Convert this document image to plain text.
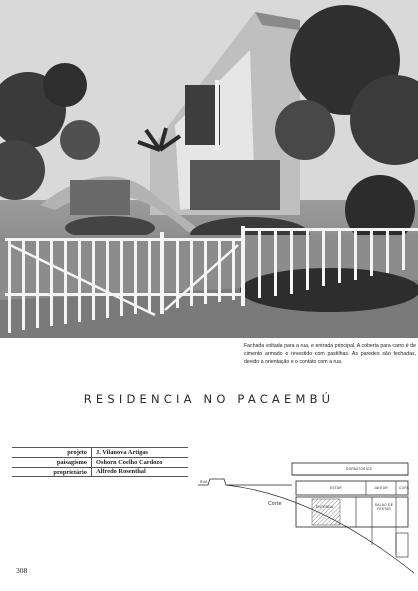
Fachada voltada para a rua, e entrada principal. A coberta para carro é de cimento armado e revestido com pastilhas. As paredes são fechadas, devido a orientação e o contato com a rua.
RESIDENCIA NO PACAEMBÚ
projeto	J. Vilanova Artigas
paisagismo	Oshorn Coelho Cardozo
proprietário	Alfredo Rosenthal
RUA
DORMITORIOS
ESTAR	JANTAR	COPA
ENTRADA	SALAO DE FESTAS
Corte
308
